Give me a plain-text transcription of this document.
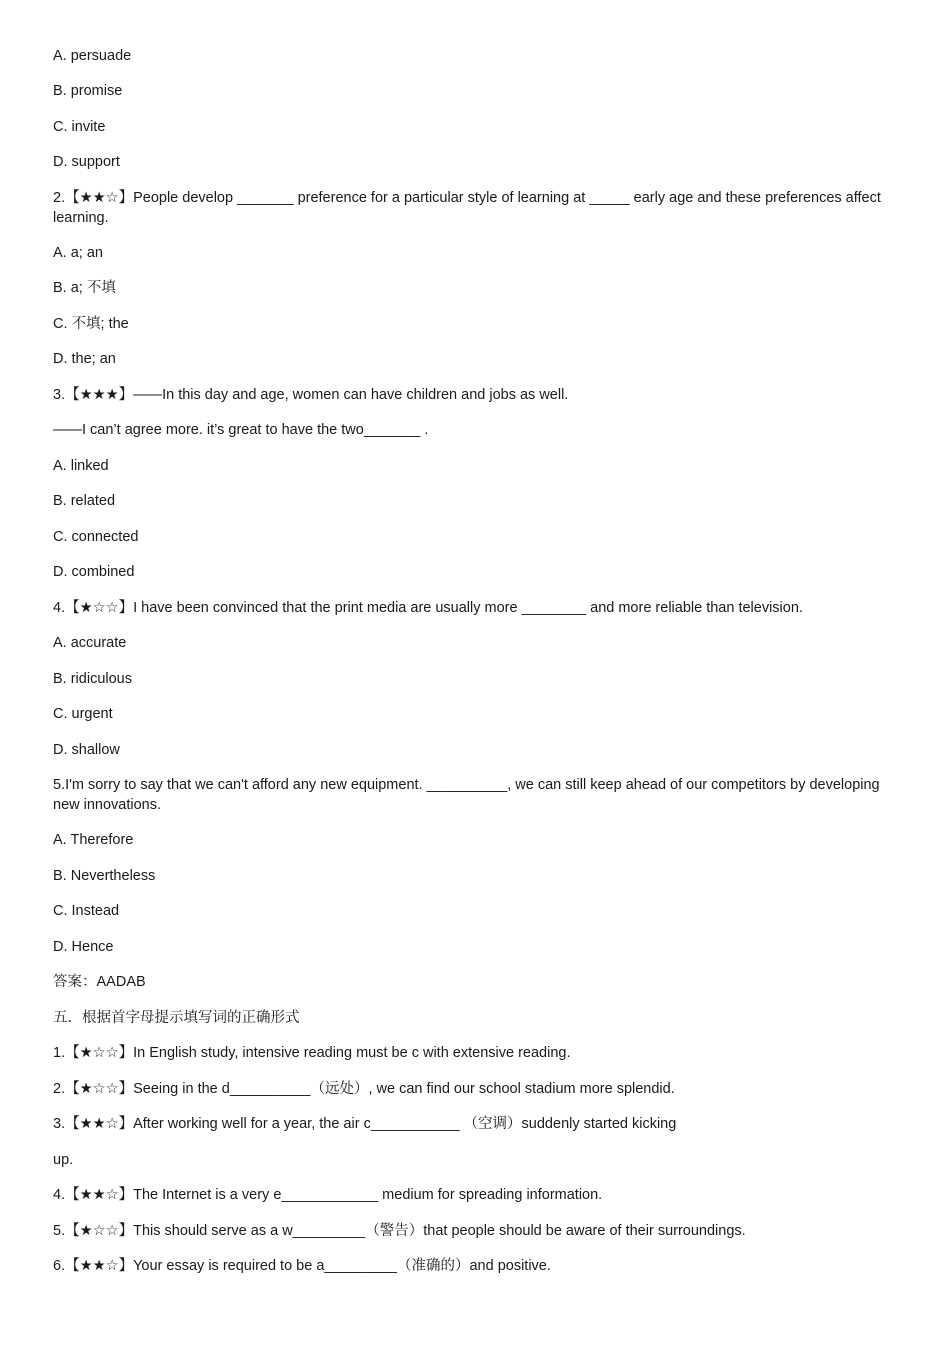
A. persuade
B. promise
C. invite
D. support
2.【★★☆】People develop _______ preference for a particular style of learning at _____ early age and these preferences affect learning.
A. a; an
B. a; 不填
C. 不填; the
D. the; an
3.【★★★】——In this day and age, women can have children and jobs as well.
——I can’t agree more. it’s great to have the two_______ .
A. linked
B. related
C. connected
D. combined
4.【★☆☆】I have been convinced that the print media are usually more ________ and more reliable than television.
A. accurate
B. ridiculous
C. urgent
D. shallow
5.I'm sorry to say that we can't afford any new equipment. __________, we can still keep ahead of our competitors by developing new innovations.
A. Therefore
B. Nevertheless
C. Instead
D. Hence
答案：AADAB
五．根据首字母提示填写词的正确形式
1.【★☆☆】In English study, intensive reading must be c with extensive reading.
2.【★☆☆】Seeing in the d__________（远处）, we can find our school stadium more splendid.
3.【★★☆】After working well for a year, the air c___________ （空调）suddenly started kicking
up.
4.【★★☆】The Internet is a very e____________ medium for spreading information.
5.【★☆☆】This should serve as a w_________（警告）that people should be aware of their surroundings.
6.【★★☆】Your essay is required to be a_________（准确的）and positive.
